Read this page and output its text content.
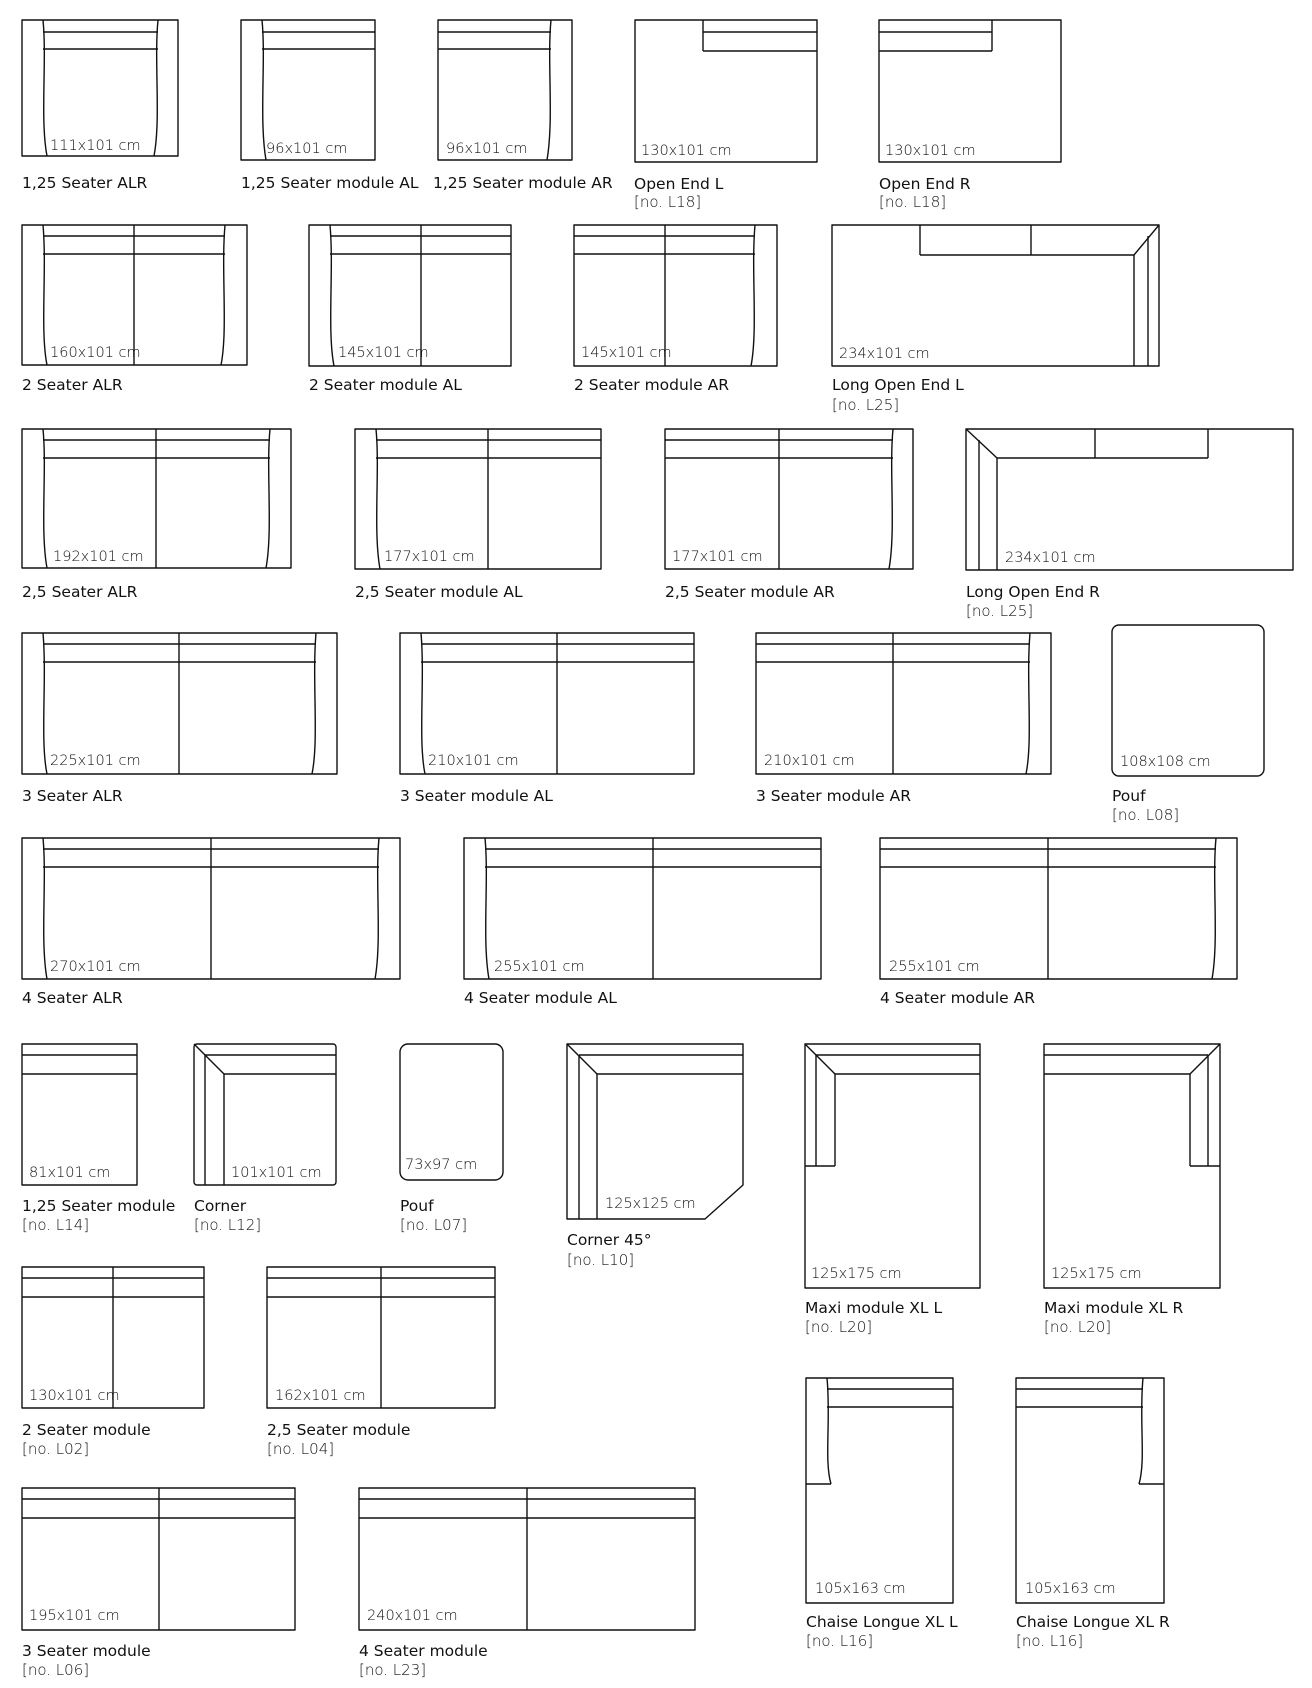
111x101 cm
1,25 Seater ALR
96x101 cm
1,25 Seater module AL
96x101 cm
1,25 Seater module AR
130x101 cm
Open End L
[no. L18]
130x101 cm
Open End R
[no. L18]
160x101 cm
2 Seater ALR
145x101 cm
2 Seater module AL
145x101 cm
2 Seater module AR
234x101 cm
Long Open End L
[no. L25]
192x101 cm
2,5 Seater ALR
177x101 cm
2,5 Seater module AL
177x101 cm
2,5 Seater module AR
234x101 cm
Long Open End R
[no. L25]
225x101 cm
3 Seater ALR
210x101 cm
3 Seater module AL
210x101 cm
3 Seater module AR
108x108 cm
Pouf
[no. L08]
270x101 cm
4 Seater ALR
255x101 cm
4 Seater module AL
255x101 cm
4 Seater module AR
81x101 cm
1,25 Seater module
[no. L14]
101x101 cm
Corner
[no. L12]
73x97 cm
Pouf
[no. L07]
125x125 cm
Corner 45°
[no. L10]
125x175 cm
Maxi module XL L
[no. L20]
125x175 cm
Maxi module XL R
[no. L20]
130x101 cm
2 Seater module
[no. L02]
162x101 cm
2,5 Seater module
[no. L04]
105x163 cm
Chaise Longue XL L
[no. L16]
105x163 cm
Chaise Longue XL R
[no. L16]
195x101 cm
3 Seater module
[no. L06]
240x101 cm
4 Seater module
[no. L23]
